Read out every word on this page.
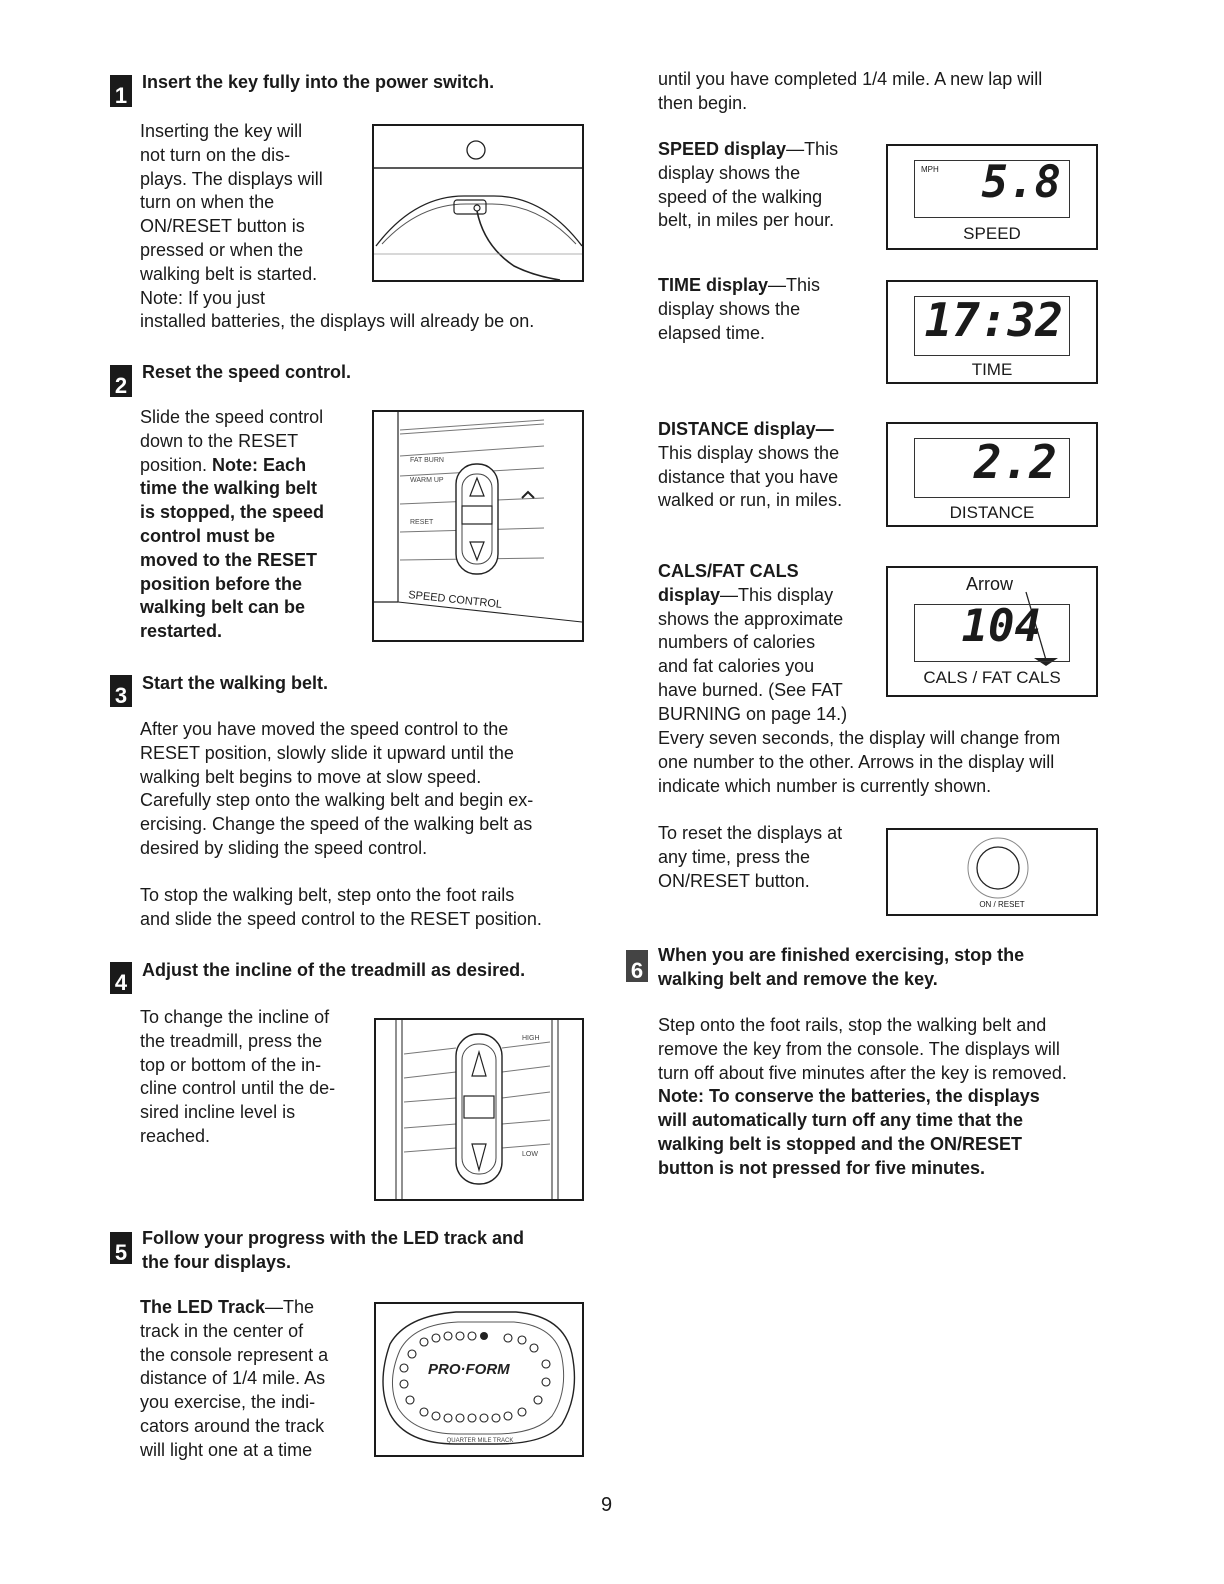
1
Insert the key fully into the power switch.
Inserting the key will
not turn on the dis-
plays. The displays will
turn on when the
ON/RESET button is
pressed or when the
walking belt is started.
Note: If you just
installed batteries, the displays will already be on.
2
Reset the speed control.
Slide the speed control
down to the RESET
position. Note: Each
time the walking belt
is stopped, the speed
control must be
moved to the RESET
position before the
walking belt can be
restarted.
FAT BURN
WARM UP
RESET
SPEED CONTROL
3 Start the walking belt.
After you have moved the speed control to the
RESET position, slowly slide it upward until the
walking belt begins to move at slow speed.
Carefully step onto the walking belt and begin ex-
ercising. Change the speed of the walking belt as
desired by sliding the speed control.
To stop the walking belt, step onto the foot rails
and slide the speed control to the RESET position.
4 Adjust the incline of the treadmill as desired.
To change the incline of
the treadmill, press the
top or bottom of the in-
cline control until the de-
sired incline level is
reached.
HIGH
LOW
5
Follow your progress with the LED track and
the four displays.
The LED Track—The
track in the center of
the console represent a
distance of 1/4 mile. As
you exercise, the indi-
cators around the track
will light one at a time
PRO·FORM
QUARTER MILE TRACK
until you have completed 1/4 mile. A new lap will
then begin.
SPEED display—This
display shows the
speed of the walking
belt, in miles per hour.
MPH 5.8
SPEED
TIME display—This
display shows the
elapsed time.	17:32
TIME
DISTANCE display—
This display shows the
distance that you have
walked or run, in miles.
2.2
DISTANCE
CALS/FAT CALS
display—This display
shows the approximate
numbers of calories
and fat calories you
have burned. (See FAT
BURNING on page 14.)
Arrow
104
CALS / FAT CALS
Every seven seconds, the display will change from
one number to the other. Arrows in the display will
indicate which number is currently shown.
To reset the displays at
any time, press the
ON/RESET button.
ON / RESET
6
When you are finished exercising, stop the
walking belt and remove the key.
Step onto the foot rails, stop the walking belt and
remove the key from the console. The displays will
turn off about five minutes after the key is removed.
Note: To conserve the batteries, the displays
will automatically turn off any time that the
walking belt is stopped and the ON/RESET
button is not pressed for five minutes.
9
